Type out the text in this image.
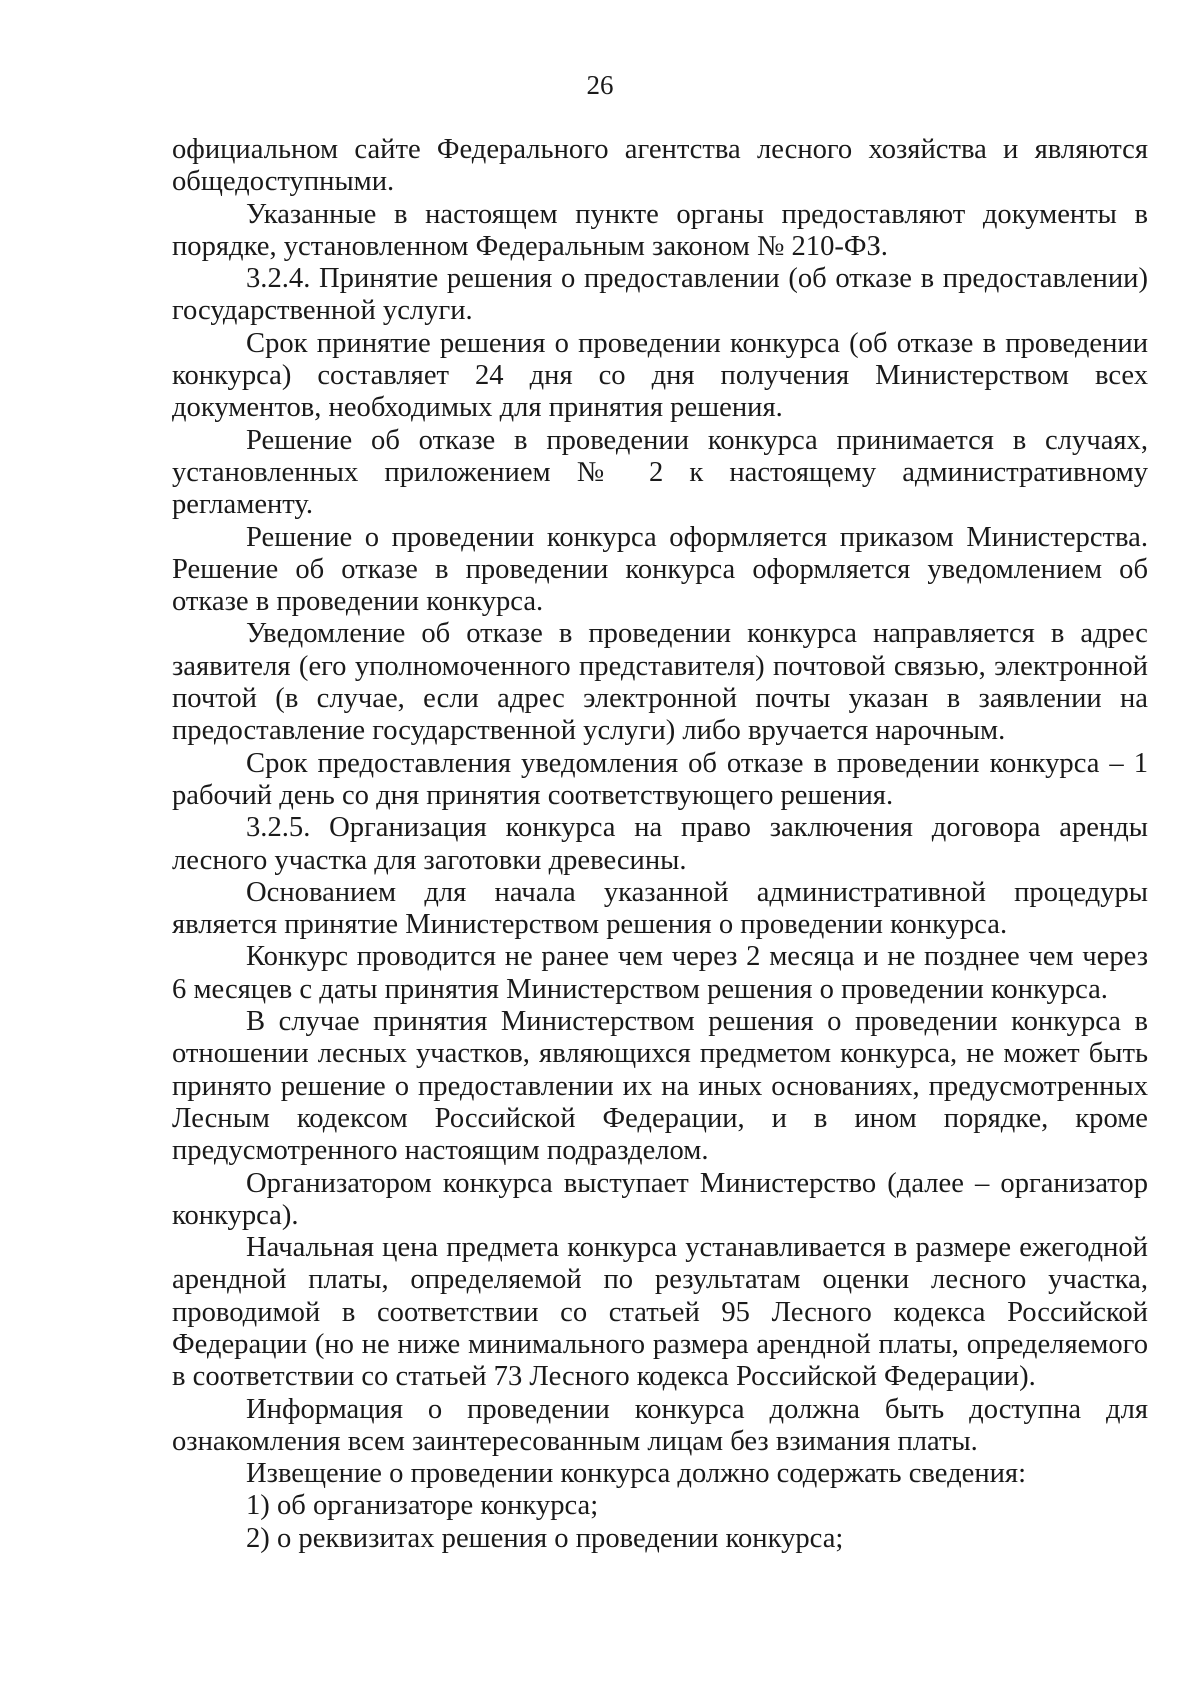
26

официальном сайте Федерального агентства лесного хозяйства и являются общедоступными.

Указанные в настоящем пункте органы предоставляют документы в порядке, установленном Федеральным законом № 210-ФЗ.

3.2.4. Принятие решения о предоставлении (об отказе в предоставлении) государственной услуги.

Срок принятие решения о проведении конкурса (об отказе в проведении конкурса) составляет 24 дня со дня получения Министерством всех документов, необходимых для принятия решения.

Решение об отказе в проведении конкурса принимается в случаях, установленных приложением № 2 к настоящему административному регламенту.

Решение о проведении конкурса оформляется приказом Министерства. Решение об отказе в проведении конкурса оформляется уведомлением об отказе в проведении конкурса.

Уведомление об отказе в проведении конкурса направляется в адрес заявителя (его уполномоченного представителя) почтовой связью, электронной почтой (в случае, если адрес электронной почты указан в заявлении на предоставление государственной услуги) либо вручается нарочным.

Срок предоставления уведомления об отказе в проведении конкурса – 1 рабочий день со дня принятия соответствующего решения.

3.2.5. Организация конкурса на право заключения договора аренды лесного участка для заготовки древесины.

Основанием для начала указанной административной процедуры является принятие Министерством решения о проведении конкурса.

Конкурс проводится не ранее чем через 2 месяца и не позднее чем через 6 месяцев с даты принятия Министерством решения о проведении конкурса.

В случае принятия Министерством решения о проведении конкурса в отношении лесных участков, являющихся предметом конкурса, не может быть принято решение о предоставлении их на иных основаниях, предусмотренных Лесным кодексом Российской Федерации, и в ином порядке, кроме предусмотренного настоящим подразделом.

Организатором конкурса выступает Министерство (далее – организатор конкурса).

Начальная цена предмета конкурса устанавливается в размере ежегодной арендной платы, определяемой по результатам оценки лесного участка, проводимой в соответствии со статьей 95 Лесного кодекса Российской Федерации (но не ниже минимального размера арендной платы, определяемого в соответствии со статьей 73 Лесного кодекса Российской Федерации).

Информация о проведении конкурса должна быть доступна для ознакомления всем заинтересованным лицам без взимания платы.

Извещение о проведении конкурса должно содержать сведения:

1) об организаторе конкурса;

2) о реквизитах решения о проведении конкурса;
